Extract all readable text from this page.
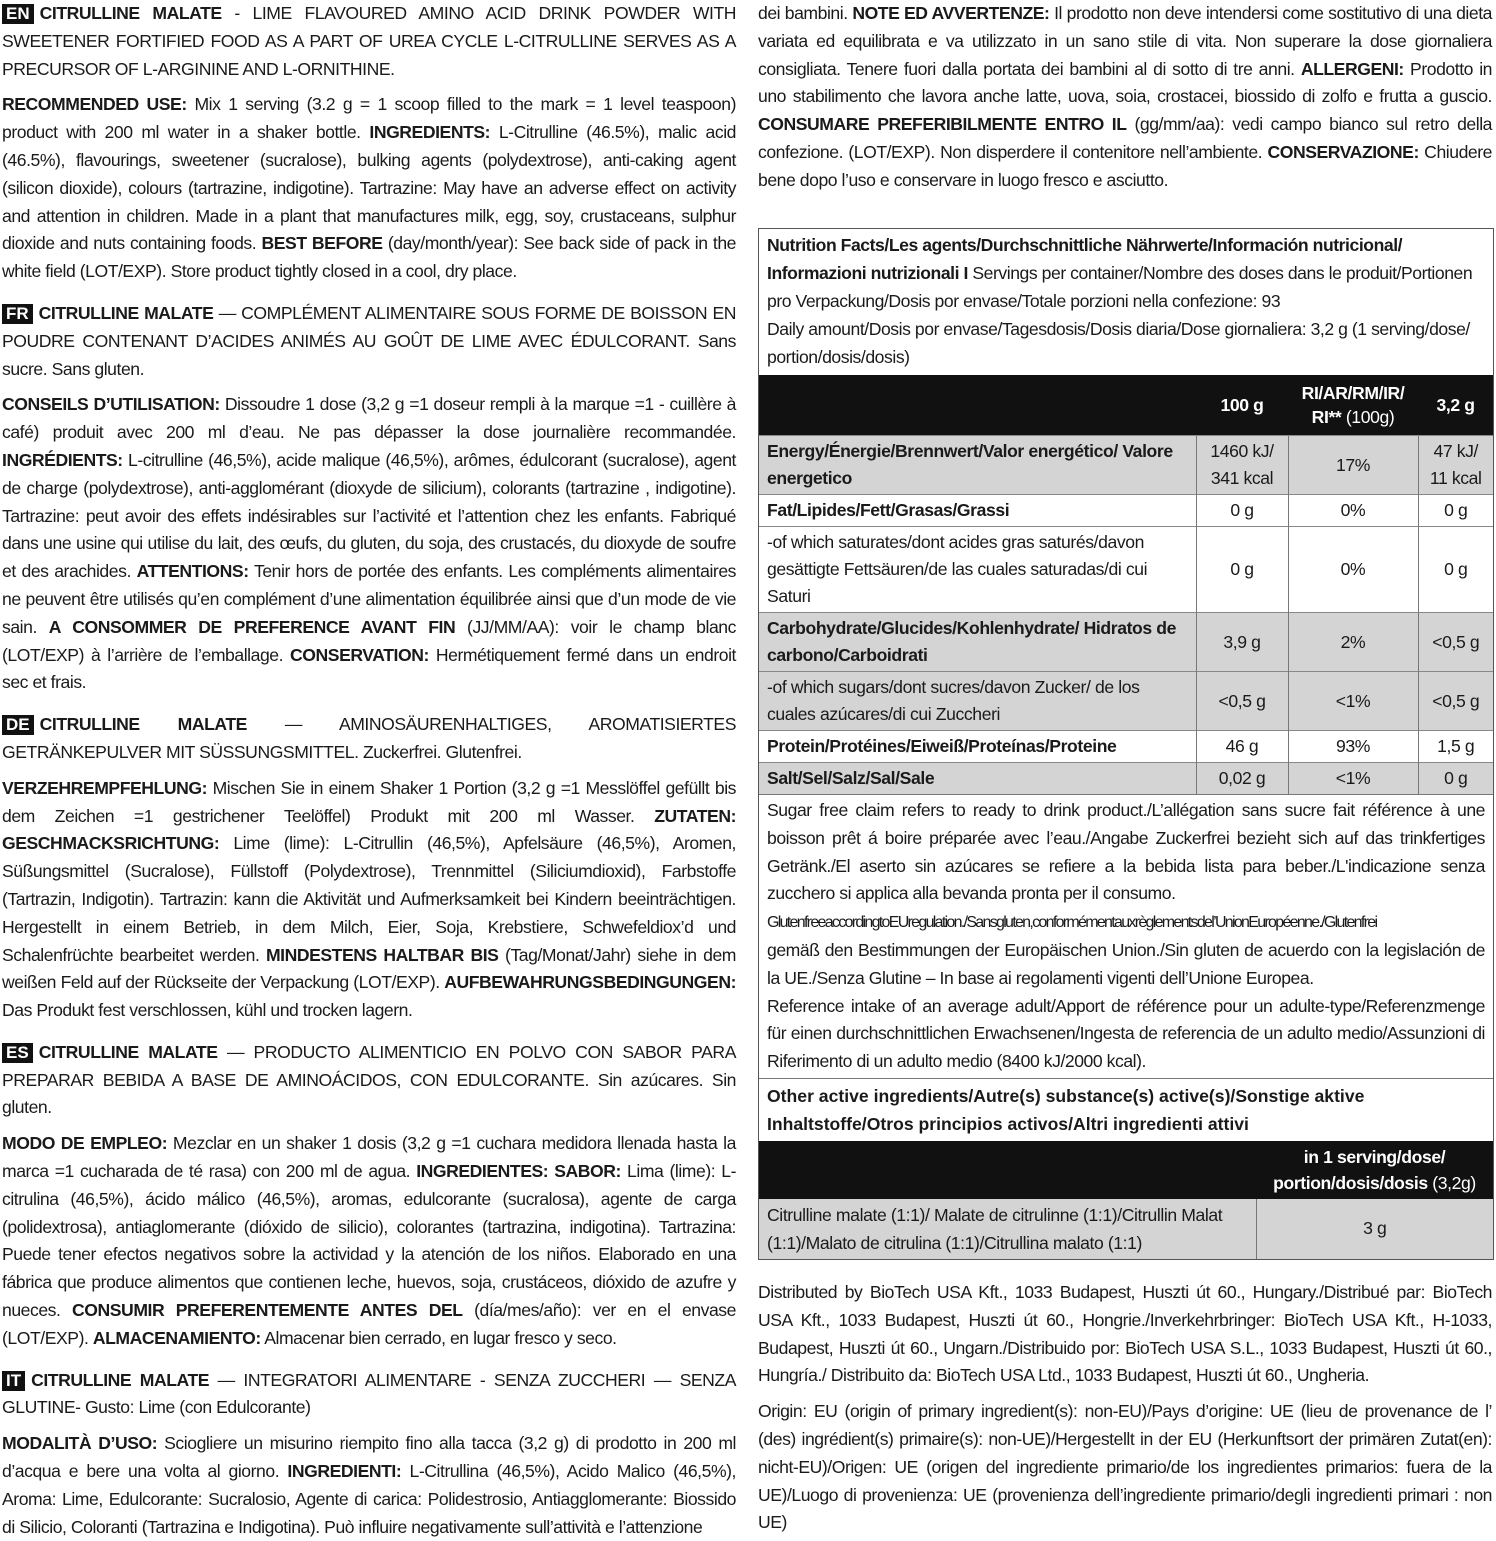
EN CITRULLINE MALATE - LIME FLAVOURED AMINO ACID DRINK POWDER WITH SWEETENER FORTIFIED FOOD AS A PART OF UREA CYCLE L-CITRULLINE SERVES AS A PRECURSOR OF L-ARGININE AND L-ORNITHINE.

RECOMMENDED USE: Mix 1 serving (3.2 g = 1 scoop filled to the mark = 1 level teaspoon) product with 200 ml water in a shaker bottle. INGREDIENTS: L-Citrulline (46.5%), malic acid (46.5%), flavourings, sweetener (sucralose), bulking agents (polydextrose), anti-caking agent (silicon dioxide), colours (tartrazine, indigotine). Tartrazine: May have an adverse effect on activity and attention in children. Made in a plant that manufactures milk, egg, soy, crustaceans, sulphur dioxide and nuts containing foods. BEST BEFORE (day/month/year): See back side of pack in the white field (LOT/EXP). Store product tightly closed in a cool, dry place.

FR CITRULLINE MALATE — COMPLÉMENT ALIMENTAIRE SOUS FORME DE BOISSON EN POUDRE CONTENANT D’ACIDES ANIMÉS AU GOÛT DE LIME AVEC ÉDULCORANT. Sans sucre. Sans gluten.

CONSEILS D’UTILISATION: Dissoudre 1 dose (3,2 g =1 doseur rempli à la marque =1 - cuillère à café) produit avec 200 ml d’eau. Ne pas dépasser la dose journalière recommandée. INGRÉDIENTS: L-citrulline (46,5%), acide malique (46,5%), arômes, édulcorant (sucralose), agent de charge (polydextrose), anti-agglomérant (dioxyde de silicium), colorants (tartrazine , indigotine). Tartrazine: peut avoir des effets indésirables sur l’activité et l’attention chez les enfants. Fabriqué dans une usine qui utilise du lait, des œufs, du gluten, du soja, des crustacés, du dioxyde de soufre et des arachides. ATTENTIONS: Tenir hors de portée des enfants. Les compléments alimentaires ne peuvent être utilisés qu’en complément d’une alimentation équilibrée ainsi que d’un mode de vie sain. A CONSOMMER DE PREFERENCE AVANT FIN (JJ/MM/AA): voir le champ blanc (LOT/EXP) à l’arrière de l’emballage. CONSERVATION: Hermétiquement fermé dans un endroit sec et frais.

DE CITRULLINE MALATE — AMINOSÄURENHALTIGES, AROMATISIERTES GETRÄNKEPULVER MIT SÜSSUNGSMITTEL. Zuckerfrei. Glutenfrei.

VERZEHREMPFEHLUNG: Mischen Sie in einem Shaker 1 Portion (3,2 g =1 Messlöffel gefüllt bis dem Zeichen =1 gestrichener Teelöffel) Produkt mit 200 ml Wasser. ZUTATEN: GESCHMACKSRICHTUNG: Lime (lime): L-Citrullin (46,5%), Apfelsäure (46,5%), Aromen, Süßungsmittel (Sucralose), Füllstoff (Polydextrose), Trennmittel (Siliciumdioxid), Farbstoffe (Tartrazin, Indigotin). Tartrazin: kann die Aktivität und Aufmerksamkeit bei Kindern beeinträchtigen. Hergestellt in einem Betrieb, in dem Milch, Eier, Soja, Krebstiere, Schwefeldiox’d und Schalenfrüchte bearbeitet werden. MINDESTENS HALTBAR BIS (Tag/Monat/Jahr) siehe in dem weißen Feld auf der Rückseite der Verpackung (LOT/EXP). AUFBEWAHRUNGSBEDINGUNGEN: Das Produkt fest verschlossen, kühl und trocken lagern.

ES CITRULLINE MALATE — PRODUCTO ALIMENTICIO EN POLVO CON SABOR PARA PREPARAR BEBIDA A BASE DE AMINOÁCIDOS, CON EDULCORANTE. Sin azúcares. Sin gluten.

MODO DE EMPLEO: Mezclar en un shaker 1 dosis (3,2 g =1 cuchara medidora llenada hasta la marca =1 cucharada de té rasa) con 200 ml de agua. INGREDIENTES: SABOR: Lima (lime): L-citrulina (46,5%), ácido málico (46,5%), aromas, edulcorante (sucralosa), agente de carga (polidextrosa), antiaglomerante (dióxido de silicio), colorantes (tartrazina, indigotina). Tartrazina: Puede tener efectos negativos sobre la actividad y la atención de los niños. Elaborado en una fábrica que produce alimentos que contienen leche, huevos, soja, crustáceos, dióxido de azufre y nueces. CONSUMIR PREFERENTEMENTE ANTES DEL (día/mes/año): ver en el envase (LOT/EXP). ALMACENAMIENTO: Almacenar bien cerrado, en lugar fresco y seco.

IT CITRULLINE MALATE — INTEGRATORI ALIMENTARE - SENZA ZUCCHERI — SENZA GLUTINE- Gusto: Lime (con Edulcorante)

MODALITÀ D’USO: Sciogliere un misurino riempito fino alla tacca (3,2 g) di prodotto in 200 ml d’acqua e bere una volta al giorno. INGREDIENTI: L-Citrullina (46,5%), Acido Malico (46,5%), Aroma: Lime, Edulcorante: Sucralosio, Agente di carica: Polidestrosio, Antiagglomerante: Biossido di Silicio, Coloranti (Tartrazina e Indigotina). Può influire negativamente sull’attività e l’attenzione

dei bambini. NOTE ED AVVERTENZE: Il prodotto non deve intendersi come sostitutivo di una dieta variata ed equilibrata e va utilizzato in un sano stile di vita. Non superare la dose giornaliera consigliata. Tenere fuori dalla portata dei bambini al di sotto di tre anni. ALLERGENI: Prodotto in uno stabilimento che lavora anche latte, uova, soia, crostacei, biossido di zolfo e frutta a guscio. CONSUMARE PREFERIBILMENTE ENTRO IL (gg/mm/aa): vedi campo bianco sul retro della confezione. (LOT/EXP). Non disperdere il contenitore nell’ambiente. CONSERVAZIONE: Chiudere bene dopo l’uso e conservare in luogo fresco e asciutto.

Nutrition Facts/Les agents/Durchschnittliche Nährwerte/Información nutricional/ Informazioni nutrizionali I Servings per container/Nombre des doses dans le produit/Portionen pro Verpackung/Dosis por envase/Totale porzioni nella confezione: 93
Daily amount/Dosis por envase/Tagesdosis/Dosis diaria/Dose giornaliera: 3,2 g (1 serving/dose/ portion/dosis/dosis)
	100 g	RI/AR/RM/IR/
RI** (100g)	3,2 g
Energy/Énergie/Brennwert/Valor energético/ Valore energetico	1460 kJ/ 341 kcal	17%	47 kJ/ 11 kcal
Fat/Lipides/Fett/Grasas/Grassi	0 g	0%	0 g
-of which saturates/dont acides gras saturés/davon gesättigte Fettsäuren/de las cuales saturadas/di cui Saturi	0 g	0%	0 g
Carbohydrate/Glucides/Kohlenhydrate/ Hidratos de carbono/Carboidrati	3,9 g	2%	<0,5 g
-of which sugars/dont sucres/davon Zucker/ de los cuales azúcares/di cui Zuccheri	<0,5 g	<1%	<0,5 g
Protein/Protéines/Eiweiß/Proteínas/Proteine	46 g	93%	1,5 g
Salt/Sel/Salz/Sal/Sale	0,02 g	<1%	0 g
Sugar free claim refers to ready to drink product./L’allégation sans sucre fait référence à une boisson prêt á boire préparée avec l’eau./Angabe Zuckerfrei bezieht sich auf das trinkfertiges Getränk./El aserto sin azúcares se refiere a la bebida lista para beber./L'indicazione senza zucchero si applica alla bevanda pronta per il consumo.
GlutenfreeaccordingtoEUregulation./Sansgluten,conformémentauxrèglementsdel’UnionEuropéenne./Glutenfrei
gemäß den Bestimmungen der Europäischen Union./Sin gluten de acuerdo con la legislación de la UE./Senza Glutine – In base ai regolamenti vigenti dell’Unione Europea.
Reference intake of an average adult/Apport de référence pour un adulte-type/Referenzmenge für einen durchschnittlichen Erwachsenen/Ingesta de referencia de un adulto medio/Assunzioni di Riferimento di un adulto medio (8400 kJ/2000 kcal).
Other active ingredients/Autre(s) substance(s) active(s)/Sonstige aktive Inhaltstoffe/Otros principios activos/Altri ingredienti attivi
	in 1 serving/dose/
portion/dosis/dosis (3,2g)
Citrulline malate (1:1)/ Malate de citrulinne (1:1)/Citrullin Malat (1:1)/Malato de citrulina (1:1)/Citrullina malato (1:1)	3 g

Distributed by BioTech USA Kft., 1033 Budapest, Huszti út 60., Hungary./Distribué par: BioTech USA Kft., 1033 Budapest, Huszti út 60., Hongrie./Inverkehrbringer: BioTech USA Kft., H-1033, Budapest, Huszti út 60., Ungarn./Distribuido por: BioTech USA S.L., 1033 Budapest, Huszti út 60., Hungría./ Distribuito da: BioTech USA Ltd., 1033 Budapest, Huszti út 60., Ungheria.

Origin: EU (origin of primary ingredient(s): non-EU)/Pays d’origine: UE (lieu de provenance de l’ (des) ingrédient(s) primaire(s): non-UE)/Hergestellt in der EU (Herkunftsort der primären Zutat(en): nicht-EU)/Origen: UE (origen del ingrediente primario/de los ingredientes primarios: fuera de la UE)/Luogo di provenienza: UE (provenienza dell’ingrediente primario/degli ingredienti primari : non UE)
